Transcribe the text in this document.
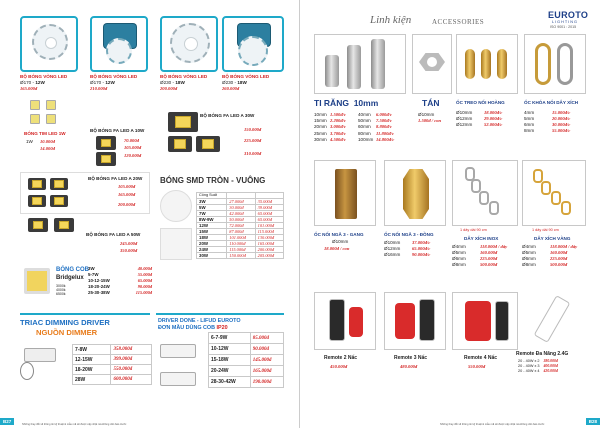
BỘ BÓNG VÒNG LED
Ø170 - 12W
165.000đ
BỘ BÓNG VÒNG LED
Ø170 - 12W
210.000đ
BỘ BÓNG VÒNG LED
Ø230 - 18W
200.000đ
BỘ BÓNG VÒNG LED
Ø230 - 18W
260.000đ
BÓNG TIM LED 1W
1W 10.000đ
14.000đ
BỘ BÓNG FA LED A 10W
70.000đ
105.000đ
120.000đ
BỘ BÓNG FA LED A 30W
150.000đ
225.000đ
310.000đ
BỘ BÓNG FA LED A 20W
105.000đ
165.000đ
200.000đ
BỘ BÓNG FA LED A 50W
245.000đ
350.000đ
BÓNG SMD TRÒN - VUÔNG
Công Suất		
3W	27.000đ	35.000đ
5W	30.000đ	39.000đ
7W	42.000đ	65.000đ
8W-9W	50.000đ	65.000đ
12W	72.000đ	101.000đ
15W	87.000đ	115.000đ
18W	101.000đ	130.000đ
20W	110.000đ	165.000đ
24W	115.000đ	200.000đ
30W	150.000đ	205.000đ
BÓNG COB
Bridgelux
3000k
4000k
6500k
3W	40.000đ
5-7W	55.000đ
10-12-15W	65.000đ
18-20-24W	90.000đ
25-30-38W	115.000đ
TRIAC DIMMING DRIVER
NGUỒN DIMMER
7-8W	358.000đ
12-15W	399.000đ
18-20W	550.000đ
28W	600.000đ
DRIVER DONE - LIFUD EUROTO
ĐƠN MẦU DÙNG COB IP20
6-7-9W	85.000đ
10-12W	90.000đ
15-18W	145.000đ
20-24W	165.000đ
28-30-42W	190.000đ
B27
Những thay đổi về thông tin kỹ thuật & mẫu mã sẽ được cập nhật mà không cần báo trước
Linh kiện	ACCESSORIES
EUROTO
LIGHTING
ISO 9001 : 2015
TI RĂNG 10mm
10mm 1.500đ/c	40mm	6.000đ/c
15mm 2.200đ/c	50mm	7.500đ/c
20mm 3.000đ/c	60mm	8.800đ/c
25mm 3.700đ/c	80mm	11.800đ/c
30mm 4.500đ/c	100mm 14.800đ/c
TÁN
Ø10mm
1.500đ / con
ỐC TREO NỐI HOÀNG
Ø10mm	18.000đ/c
Ø12mm	29.000đ/c
Ø12mm	52.000đ/c
ỐC KHÓA NỐI DÂY XÍCH
4mm	15.000đ/c
5mm	20.000đ/c
6mm	30.000đ/c
8mm	55.000đ/c
ỐC NỐI NGÃ 3 - GANG
Ø10mm
18.000đ / con
ỐC NỐI NGÃ 3 - ĐỒNG
Ø10mm	37.000đ/c
Ø12mm	65.000đ/c
Ø16mm	90.000đ/c
1 dây dài 90 cm
DÂY XÍCH INOX
Ø4mm	118.000đ / dây
Ø5mm	160.000đ
Ø6mm	225.000đ
Ø8mm	500.000đ
1 dây dài 90 cm
DÂY XÍCH VÀNG
Ø4mm	118.000đ / dây
Ø5mm	160.000đ
Ø6mm	225.000đ
Ø8mm	500.000đ
Remote 2 Nấc
450.000đ
Remote 3 Nấc
480.000đ
Remote 4 Nấc
550.000đ
Remote Đa Năng 2.4G
20 - 40W x 2 380.000đ
20 - 40W x 3 400.000đ
20 - 40W x 4 420.000đ
B28
Những thay đổi về thông tin kỹ thuật & mẫu mã sẽ được cập nhật mà không cần báo trước
